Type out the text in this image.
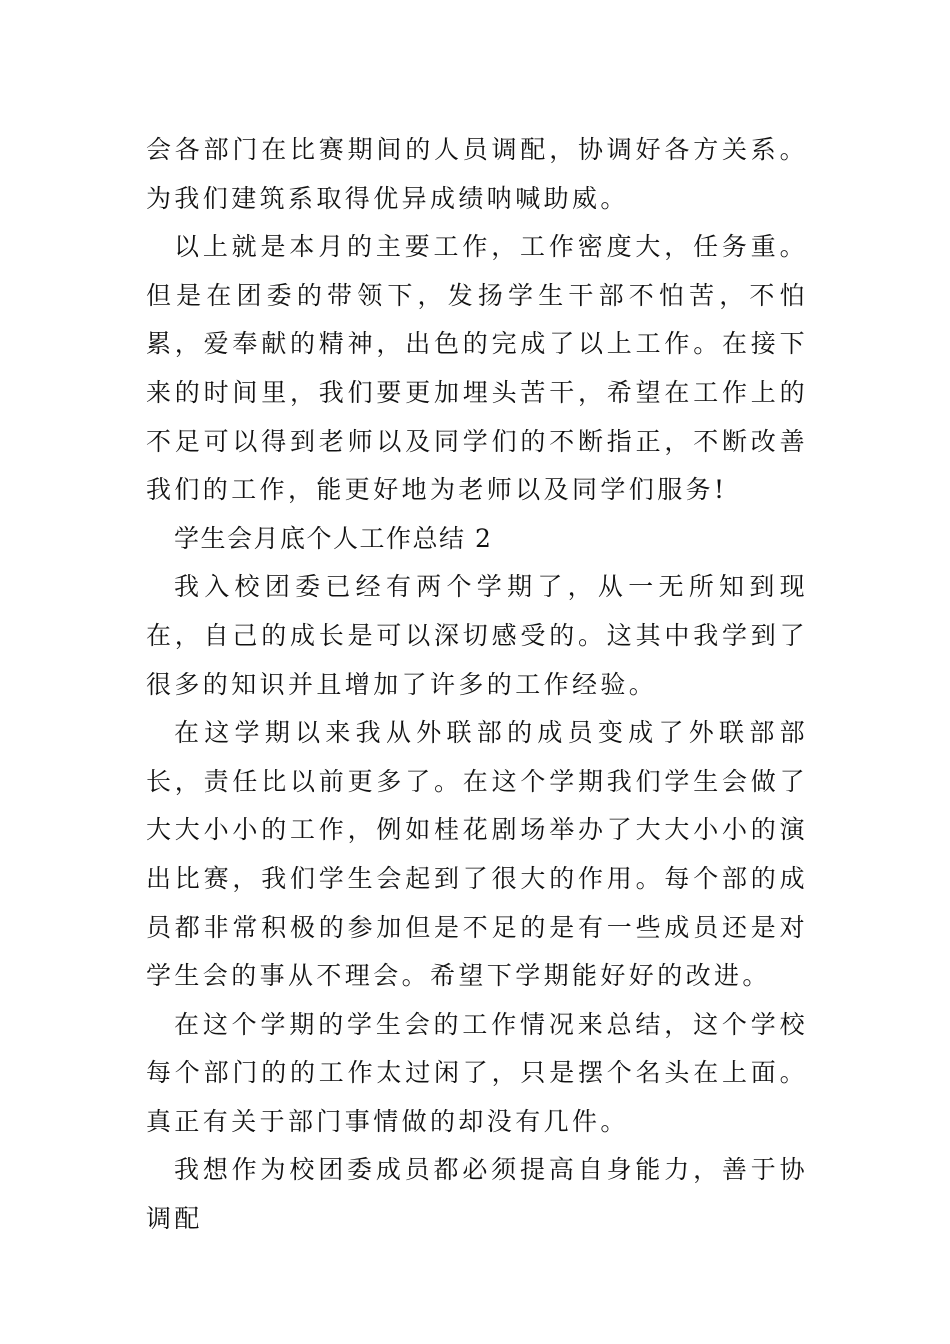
会各部门在比赛期间的人员调配，协调好各方关系。为我们建筑系取得优异成绩呐喊助威。

以上就是本月的主要工作，工作密度大，任务重。但是在团委的带领下，发扬学生干部不怕苦，不怕累，爱奉献的精神，出色的完成了以上工作。在接下来的时间里，我们要更加埋头苦干，希望在工作上的不足可以得到老师以及同学们的不断指正，不断改善我们的工作，能更好地为老师以及同学们服务!

学生会月底个人工作总结 2

我入校团委已经有两个学期了，从一无所知到现在，自己的成长是可以深切感受的。这其中我学到了很多的知识并且增加了许多的工作经验。

在这学期以来我从外联部的成员变成了外联部部长，责任比以前更多了。在这个学期我们学生会做了大大小小的工作，例如桂花剧场举办了大大小小的演出比赛，我们学生会起到了很大的作用。每个部的成员都非常积极的参加但是不足的是有一些成员还是对学生会的事从不理会。希望下学期能好好的改进。

在这个学期的学生会的工作情况来总结，这个学校每个部门的的工作太过闲了，只是摆个名头在上面。真正有关于部门事情做的却没有几件。

我想作为校团委成员都必须提高自身能力，善于协调配
